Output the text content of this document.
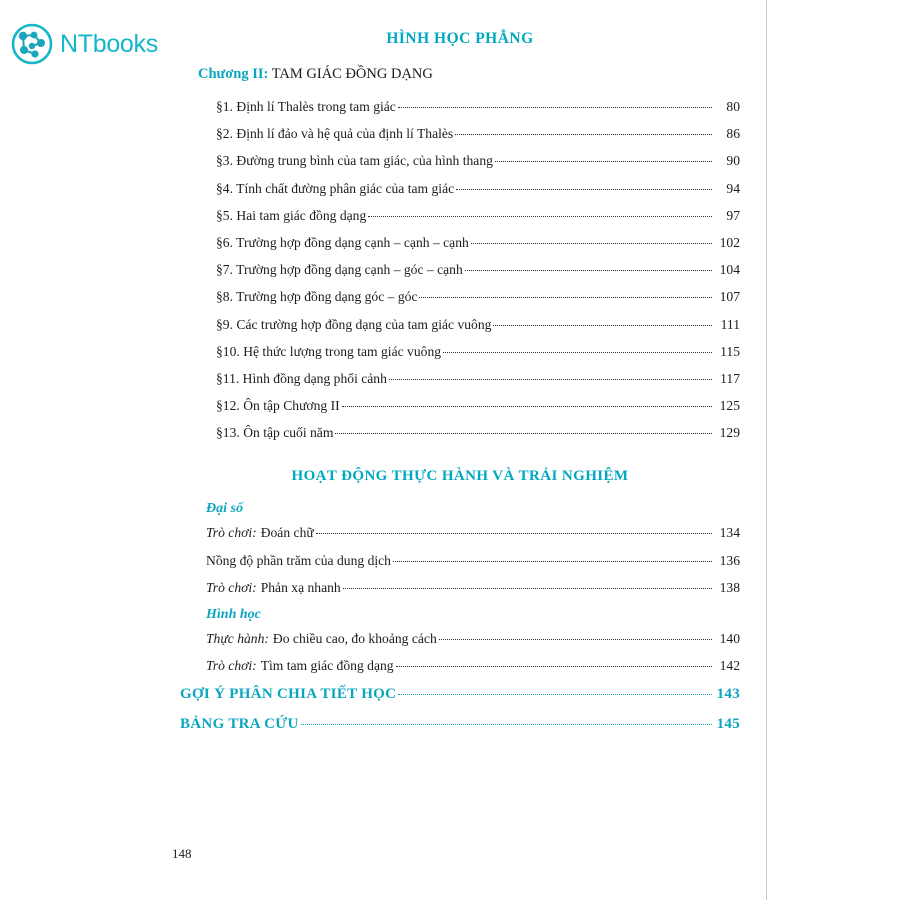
NTbooks	HÌNH HỌC PHẲNG
Chương II: TAM GIÁC ĐỒNG DẠNG
§1. Định lí Thalès trong tam giác	80
§2. Định lí đảo và hệ quả của định lí Thalès	86
§3. Đường trung bình của tam giác, của hình thang	90
§4. Tính chất đường phân giác của tam giác	94
§5. Hai tam giác đồng dạng	97
§6. Trường hợp đồng dạng cạnh – cạnh – cạnh	102
§7. Trường hợp đồng dạng cạnh – góc – cạnh	104
§8. Trường hợp đồng dạng góc – góc	107
§9. Các trường hợp đồng dạng của tam giác vuông	111
§10. Hệ thức lượng trong tam giác vuông	115
§11. Hình đồng dạng phối cảnh	117
§12. Ôn tập Chương II	125
§13. Ôn tập cuối năm	129
HOẠT ĐỘNG THỰC HÀNH VÀ TRẢI NGHIỆM
Đại số
Trò chơi: Đoán chữ	134
Nồng độ phần trăm của dung dịch	136
Trò chơi: Phản xạ nhanh	138
Hình học
Thực hành: Đo chiều cao, đo khoảng cách	140
Trò chơi: Tìm tam giác đồng dạng	142
GỢI Ý PHÂN CHIA TIẾT HỌC	143
BẢNG TRA CỨU	145
148
